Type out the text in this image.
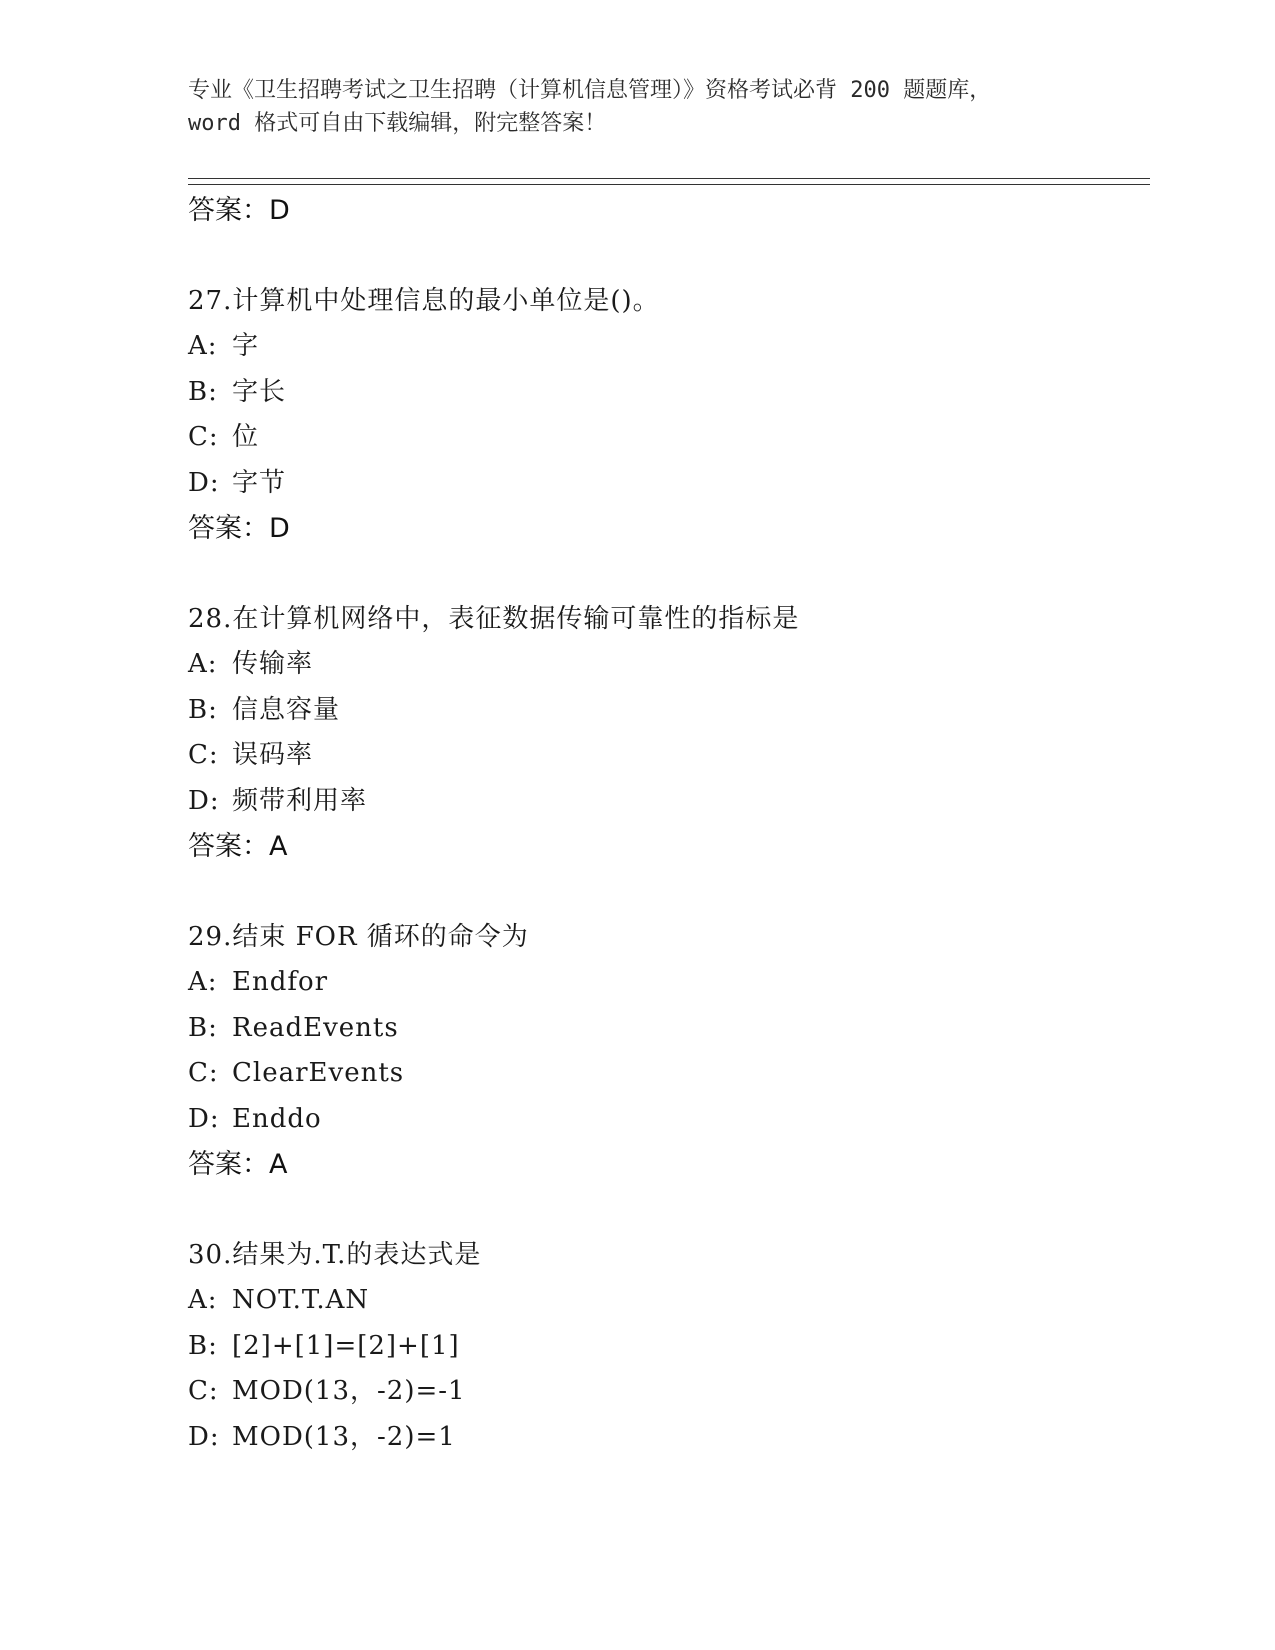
专业《卫生招聘考试之卫生招聘（计算机信息管理）》资格考试必背 200 题题库，
word 格式可自由下载编辑，附完整答案！
答案：D
27.计算机中处理信息的最小单位是()。
A: 字
B: 字长
C: 位
D: 字节
答案：D
28.在计算机网络中，表征数据传输可靠性的指标是
A: 传输率
B: 信息容量
C: 误码率
D: 频带利用率
答案：A
29.结束 FOR 循环的命令为
A: Endfor
B: ReadEvents
C: ClearEvents
D: Enddo
答案：A
30.结果为.T.的表达式是
A: NOT.T.AN
B: [2]+[1]=[2]+[1]
C: MOD(13，-2)=-1
D: MOD(13，-2)=1
